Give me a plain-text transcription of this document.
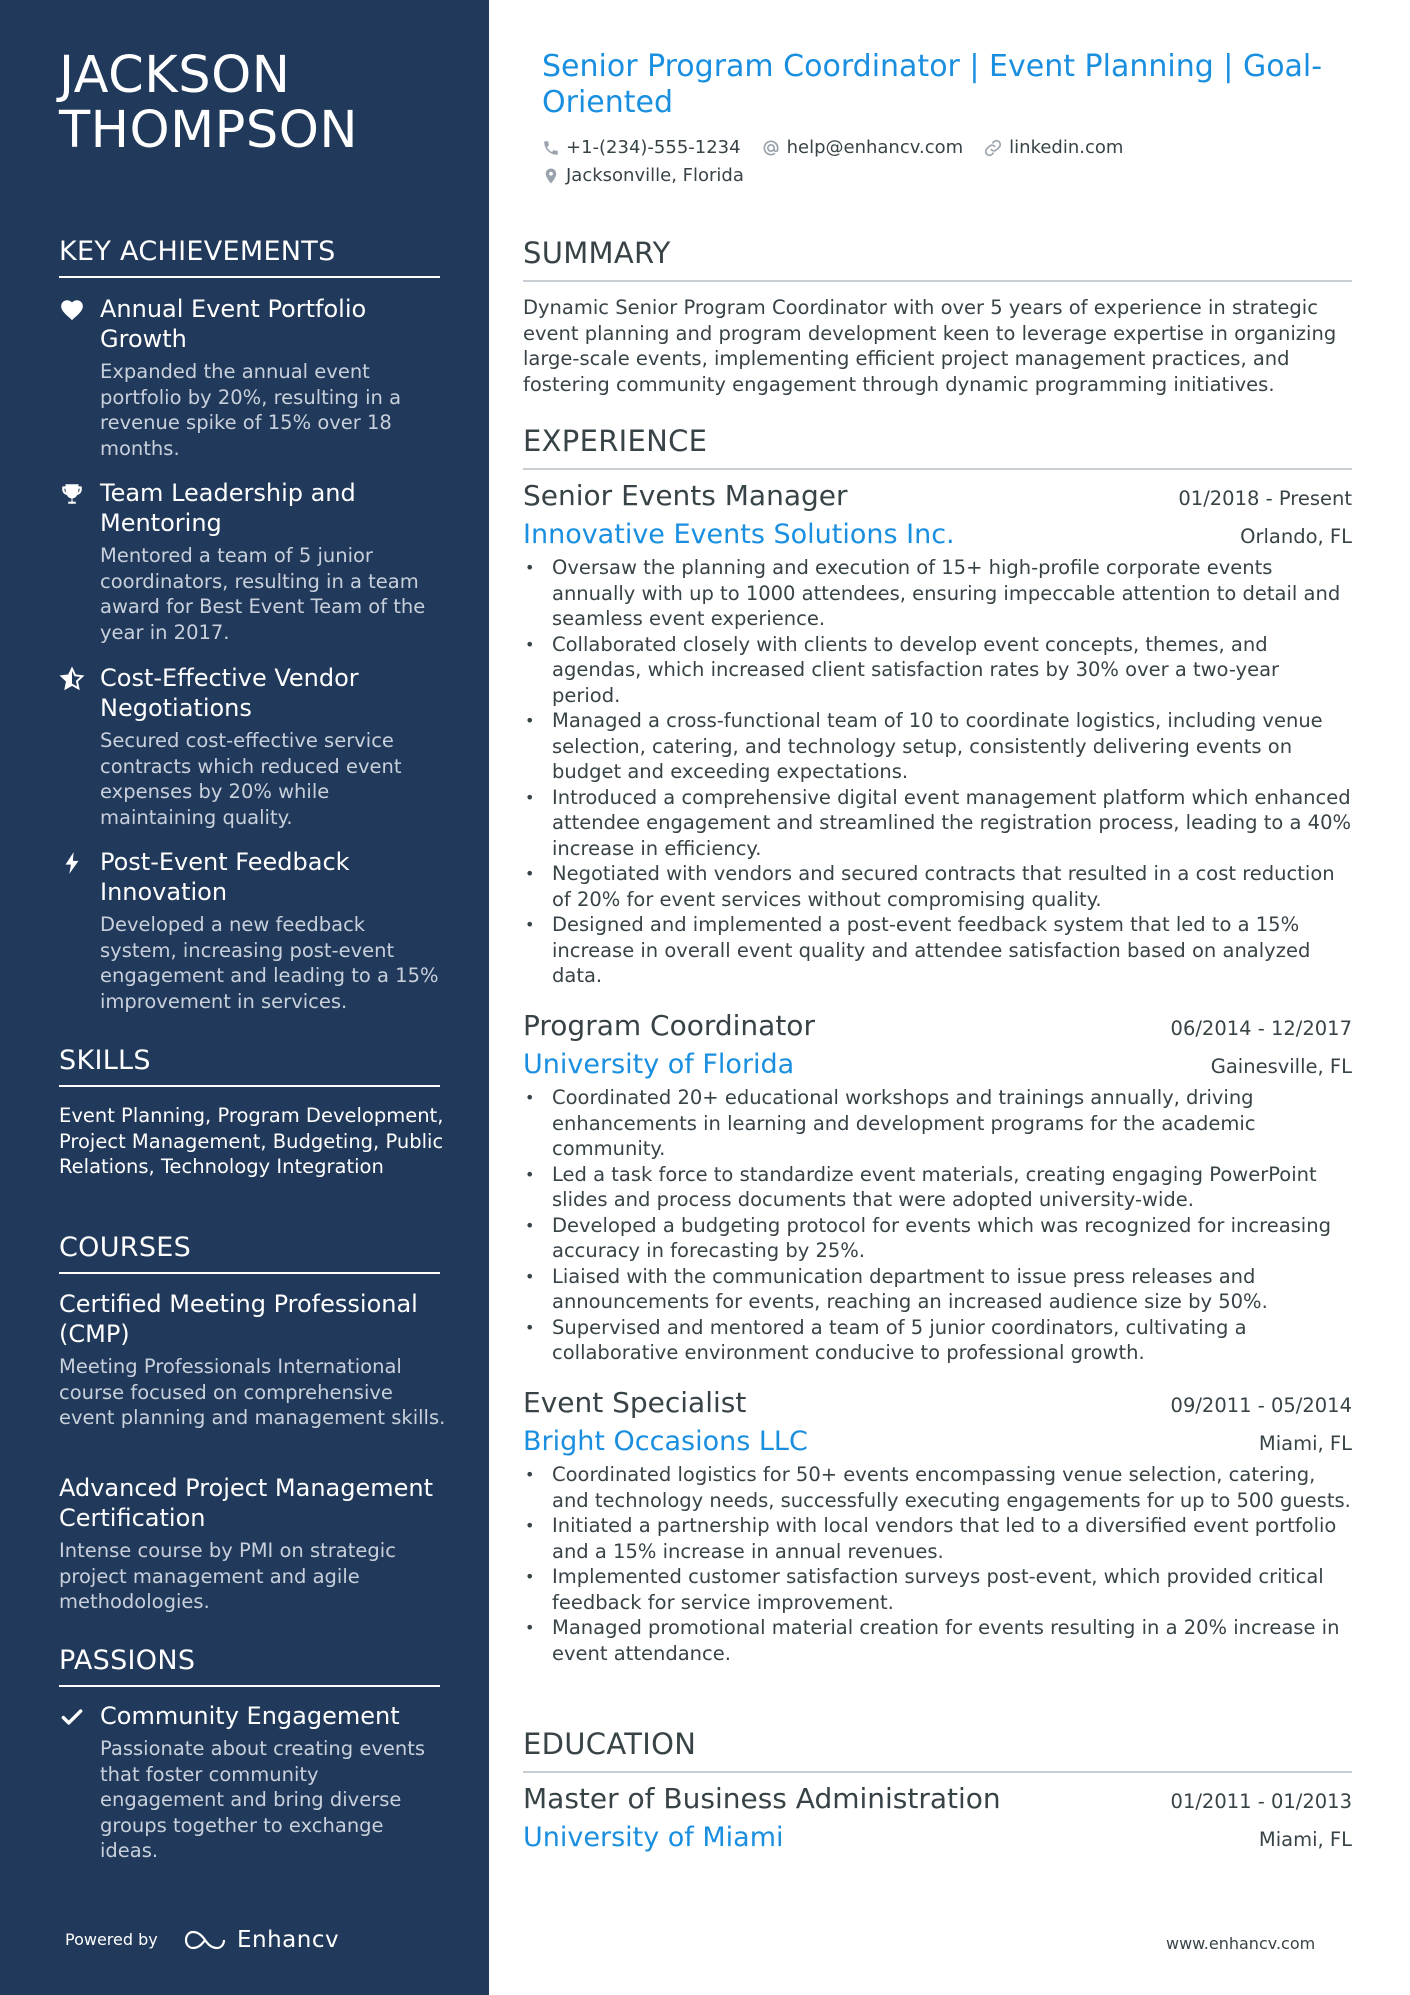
JACKSON THOMPSON
KEY ACHIEVEMENTS
Annual Event Portfolio Growth
Expanded the annual event portfolio by 20%, resulting in a revenue spike of 15% over 18 months.
Team Leadership and Mentoring
Mentored a team of 5 junior coordinators, resulting in a team award for Best Event Team of the year in 2017.
Cost-Effective Vendor Negotiations
Secured cost-effective service contracts which reduced event expenses by 20% while maintaining quality.
Post-Event Feedback Innovation
Developed a new feedback system, increasing post-event engagement and leading to a 15% improvement in services.
SKILLS
Event Planning, Program Development, Project Management, Budgeting, Public Relations, Technology Integration
COURSES
Certified Meeting Professional (CMP)
Meeting Professionals International course focused on comprehensive event planning and management skills.
Advanced Project Management Certification
Intense course by PMI on strategic project management and agile methodologies.
PASSIONS
Community Engagement
Passionate about creating events that foster community engagement and bring diverse groups together to exchange ideas.
Powered by	Enhancv
Senior Program Coordinator | Event Planning | Goal-Oriented
+1-(234)-555-1234	help@enhancv.com	linkedin.com
Jacksonville, Florida
SUMMARY
Dynamic Senior Program Coordinator with over 5 years of experience in strategic event planning and program development keen to leverage expertise in organizing large-scale events, implementing efficient project management practices, and fostering community engagement through dynamic programming initiatives.
EXPERIENCE
Senior Events Manager	01/2018 - Present
Innovative Events Solutions Inc.	Orlando, FL
• Oversaw the planning and execution of 15+ high-profile corporate events annually with up to 1000 attendees, ensuring impeccable attention to detail and seamless event experience.
• Collaborated closely with clients to develop event concepts, themes, and agendas, which increased client satisfaction rates by 30% over a two-year period.
• Managed a cross-functional team of 10 to coordinate logistics, including venue selection, catering, and technology setup, consistently delivering events on budget and exceeding expectations.
• Introduced a comprehensive digital event management platform which enhanced attendee engagement and streamlined the registration process, leading to a 40% increase in efficiency.
• Negotiated with vendors and secured contracts that resulted in a cost reduction of 20% for event services without compromising quality.
• Designed and implemented a post-event feedback system that led to a 15% increase in overall event quality and attendee satisfaction based on analyzed data.
Program Coordinator	06/2014 - 12/2017
University of Florida	Gainesville, FL
• Coordinated 20+ educational workshops and trainings annually, driving enhancements in learning and development programs for the academic community.
• Led a task force to standardize event materials, creating engaging PowerPoint slides and process documents that were adopted university-wide.
• Developed a budgeting protocol for events which was recognized for increasing accuracy in forecasting by 25%.
• Liaised with the communication department to issue press releases and announcements for events, reaching an increased audience size by 50%.
• Supervised and mentored a team of 5 junior coordinators, cultivating a collaborative environment conducive to professional growth.
Event Specialist	09/2011 - 05/2014
Bright Occasions LLC	Miami, FL
• Coordinated logistics for 50+ events encompassing venue selection, catering, and technology needs, successfully executing engagements for up to 500 guests.
• Initiated a partnership with local vendors that led to a diversified event portfolio and a 15% increase in annual revenues.
• Implemented customer satisfaction surveys post-event, which provided critical feedback for service improvement.
• Managed promotional material creation for events resulting in a 20% increase in event attendance.
EDUCATION
Master of Business Administration	01/2011 - 01/2013
University of Miami	Miami, FL
www.enhancv.com
